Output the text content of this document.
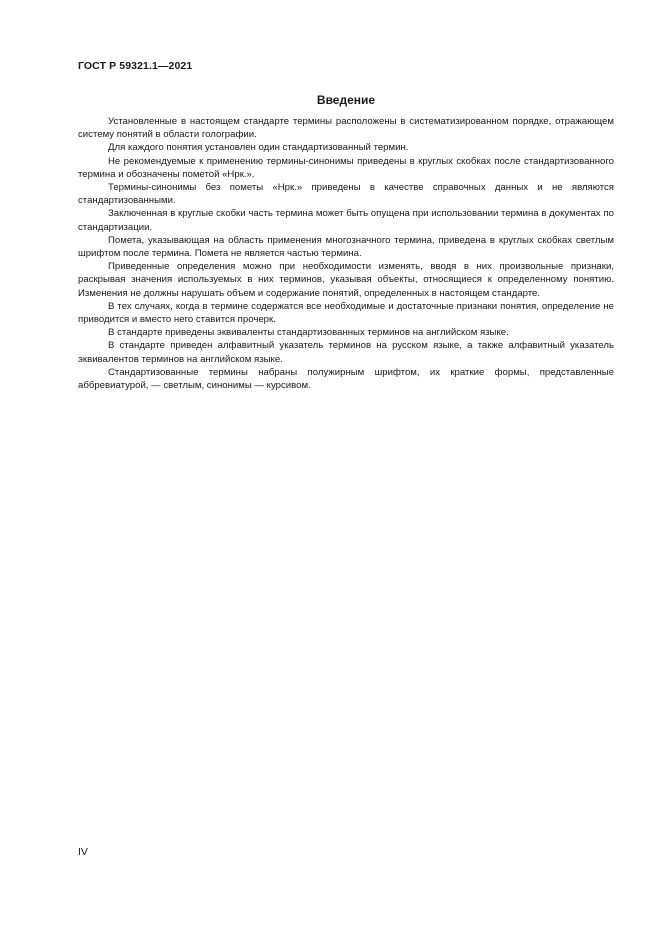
ГОСТ Р 59321.1—2021
Введение

Установленные в настоящем стандарте термины расположены в систематизированном порядке, отражающем систему понятий в области голографии.

Для каждого понятия установлен один стандартизованный термин.

Не рекомендуемые к применению термины-синонимы приведены в круглых скобках после стандартизованного термина и обозначены пометой «Нрк.».

Термины-синонимы без пометы «Нрк.» приведены в качестве справочных данных и не являются стандартизованными.

Заключенная в круглые скобки часть термина может быть опущена при использовании термина в документах по стандартизации.

Помета, указывающая на область применения многозначного термина, приведена в круглых скобках светлым шрифтом после термина. Помета не является частью термина.

Приведенные определения можно при необходимости изменять, вводя в них произвольные признаки, раскрывая значения используемых в них терминов, указывая объекты, относящиеся к определенному понятию. Изменения не должны нарушать объем и содержание понятий, определенных в настоящем стандарте.

В тех случаях, когда в термине содержатся все необходимые и достаточные признаки понятия, определение не приводится и вместо него ставится прочерк.

В стандарте приведены эквиваленты стандартизованных терминов на английском языке.

В стандарте приведен алфавитный указатель терминов на русском языке, а также алфавитный указатель эквивалентов терминов на английском языке.

Стандартизованные термины набраны полужирным шрифтом, их краткие формы, представленные аббревиатурой, — светлым, синонимы — курсивом.

IV
